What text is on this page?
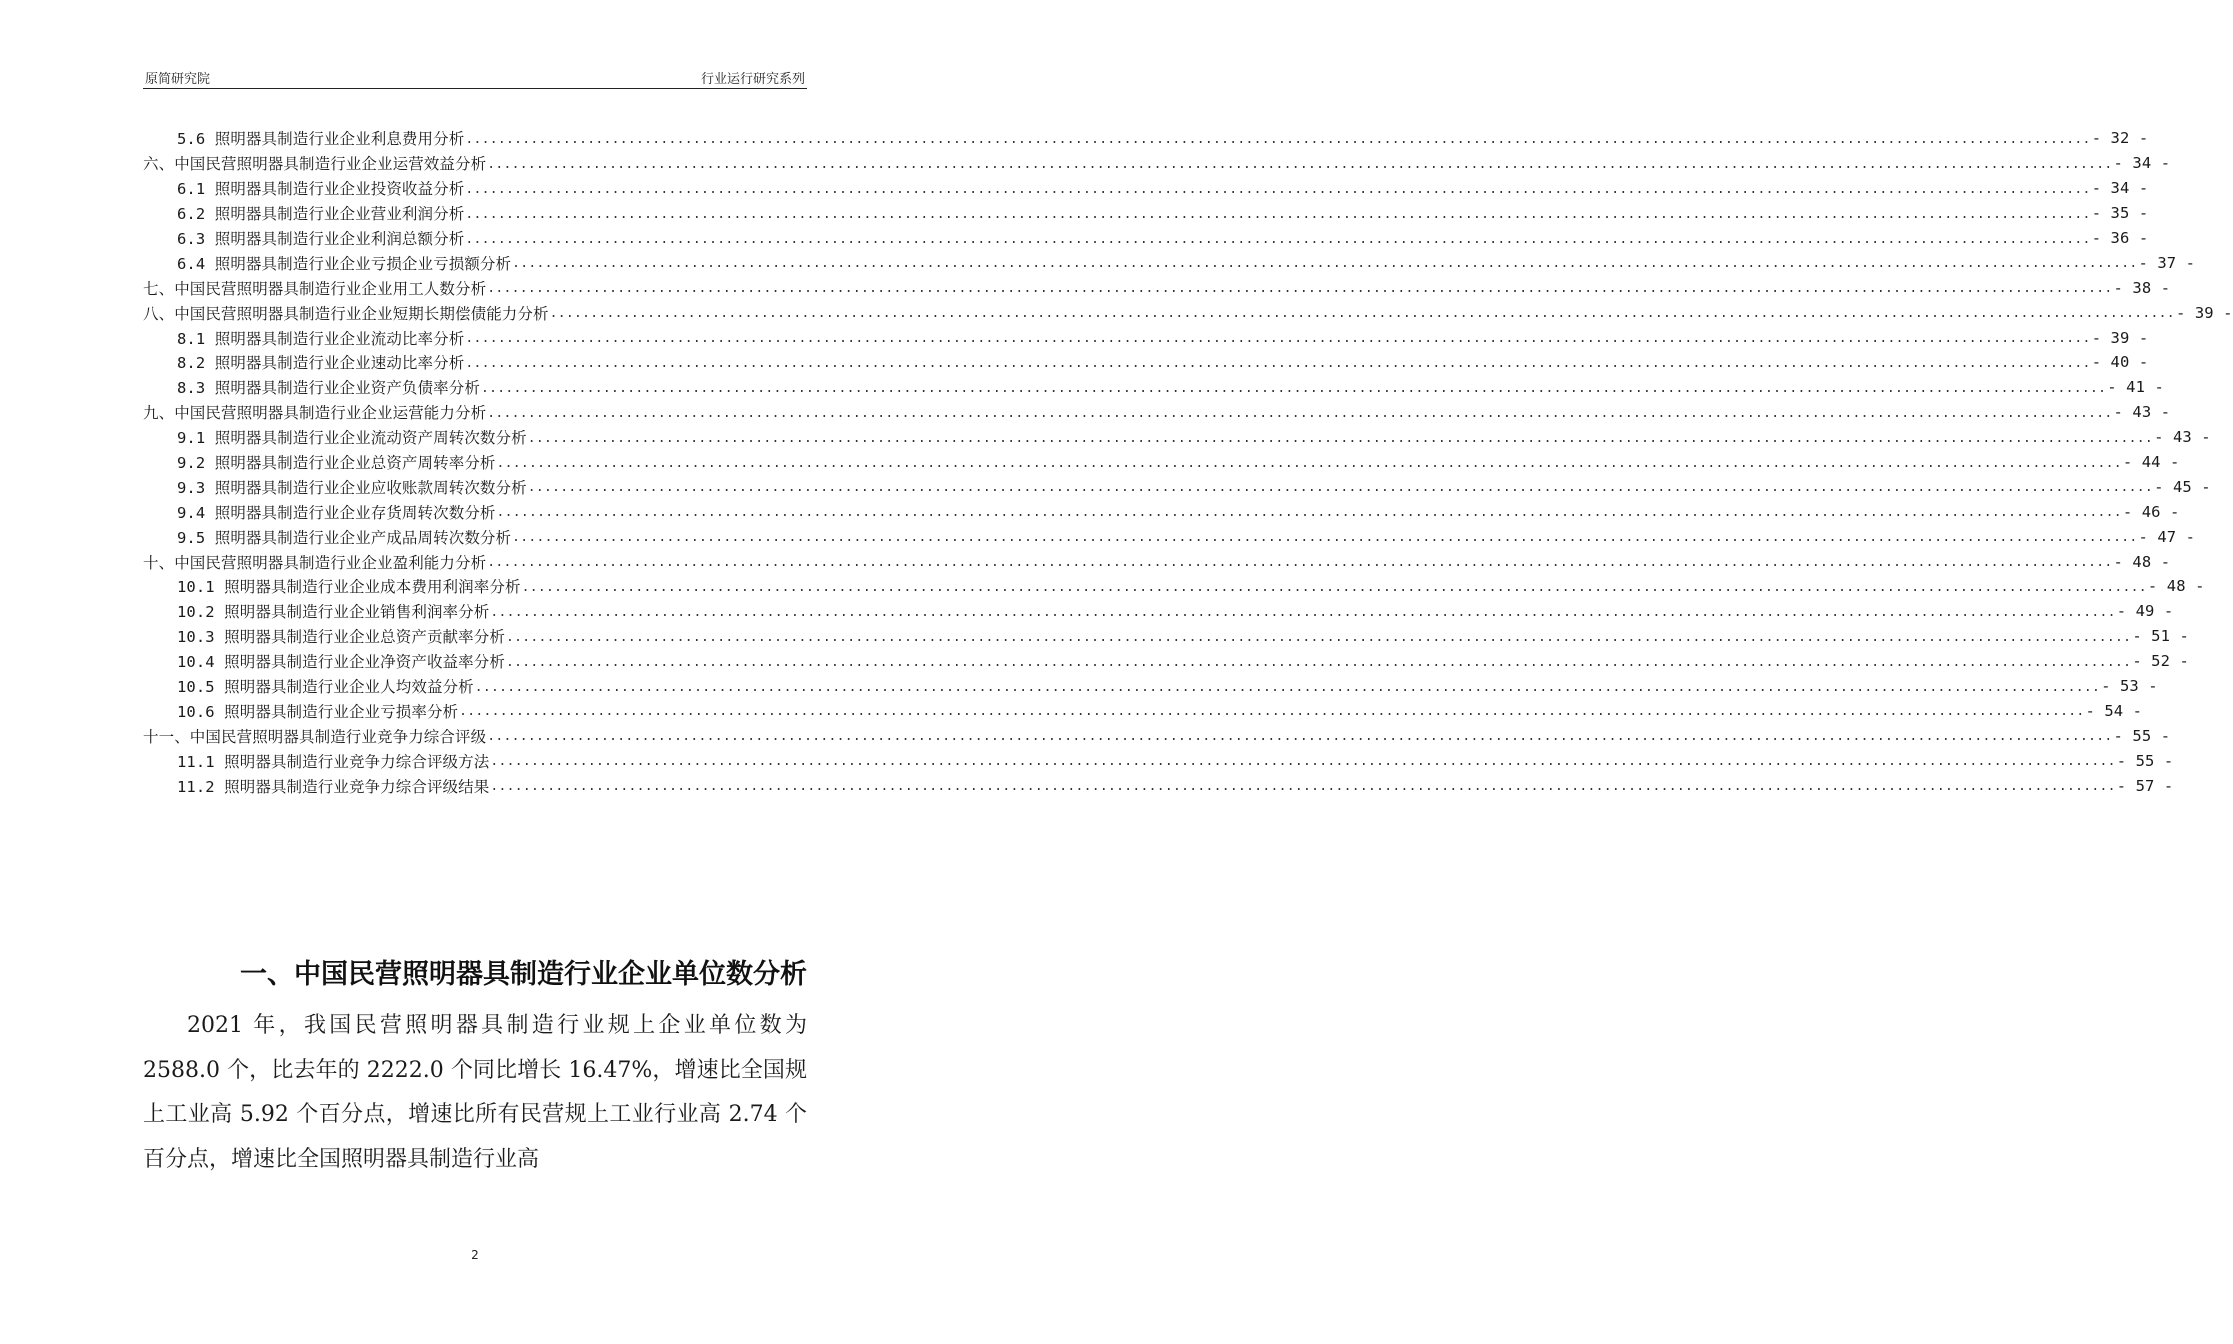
原简研究院	行业运行研究系列
5.6 照明器具制造行业企业利息费用分析 ........................................................................................................................................................................................................ - 32 -
六、中国民营照明器具制造行业企业运营效益分析 ........................................................................................................................................................................................................ - 34 -
6.1 照明器具制造行业企业投资收益分析 ........................................................................................................................................................................................................ - 34 -
6.2 照明器具制造行业企业营业利润分析 ........................................................................................................................................................................................................ - 35 -
6.3 照明器具制造行业企业利润总额分析 ........................................................................................................................................................................................................ - 36 -
6.4 照明器具制造行业企业亏损企业亏损额分析 ........................................................................................................................................................................................................ - 37 -
七、中国民营照明器具制造行业企业用工人数分析 ........................................................................................................................................................................................................ - 38 -
八、中国民营照明器具制造行业企业短期长期偿债能力分析 ........................................................................................................................................................................................................ - 39 -
8.1 照明器具制造行业企业流动比率分析 ........................................................................................................................................................................................................ - 39 -
8.2 照明器具制造行业企业速动比率分析 ........................................................................................................................................................................................................ - 40 -
8.3 照明器具制造行业企业资产负债率分析 ........................................................................................................................................................................................................ - 41 -
九、中国民营照明器具制造行业企业运营能力分析 ........................................................................................................................................................................................................ - 43 -
9.1 照明器具制造行业企业流动资产周转次数分析 ........................................................................................................................................................................................................ - 43 -
9.2 照明器具制造行业企业总资产周转率分析 ........................................................................................................................................................................................................ - 44 -
9.3 照明器具制造行业企业应收账款周转次数分析 ........................................................................................................................................................................................................ - 45 -
9.4 照明器具制造行业企业存货周转次数分析 ........................................................................................................................................................................................................ - 46 -
9.5 照明器具制造行业企业产成品周转次数分析 ........................................................................................................................................................................................................ - 47 -
十、中国民营照明器具制造行业企业盈利能力分析 ........................................................................................................................................................................................................ - 48 -
10.1 照明器具制造行业企业成本费用利润率分析 ........................................................................................................................................................................................................ - 48 -
10.2 照明器具制造行业企业销售利润率分析 ........................................................................................................................................................................................................ - 49 -
10.3 照明器具制造行业企业总资产贡献率分析 ........................................................................................................................................................................................................ - 51 -
10.4 照明器具制造行业企业净资产收益率分析 ........................................................................................................................................................................................................ - 52 -
10.5 照明器具制造行业企业人均效益分析 ........................................................................................................................................................................................................ - 53 -
10.6 照明器具制造行业企业亏损率分析 ........................................................................................................................................................................................................ - 54 -
十一、中国民营照明器具制造行业竞争力综合评级 ........................................................................................................................................................................................................ - 55 -
11.1 照明器具制造行业竞争力综合评级方法 ........................................................................................................................................................................................................ - 55 -
11.2 照明器具制造行业竞争力综合评级结果 ........................................................................................................................................................................................................ - 57 -
一、中国民营照明器具制造行业企业单位数分析
2021 年，我国民营照明器具制造行业规上企业单位数为 2588.0 个，比去年的 2222.0 个同比增长 16.47%，增速比全国规上工业高 5.92 个百分点，增速比所有民营规上工业行业高 2.74 个百分点，增速比全国照明器具制造行业高
2
